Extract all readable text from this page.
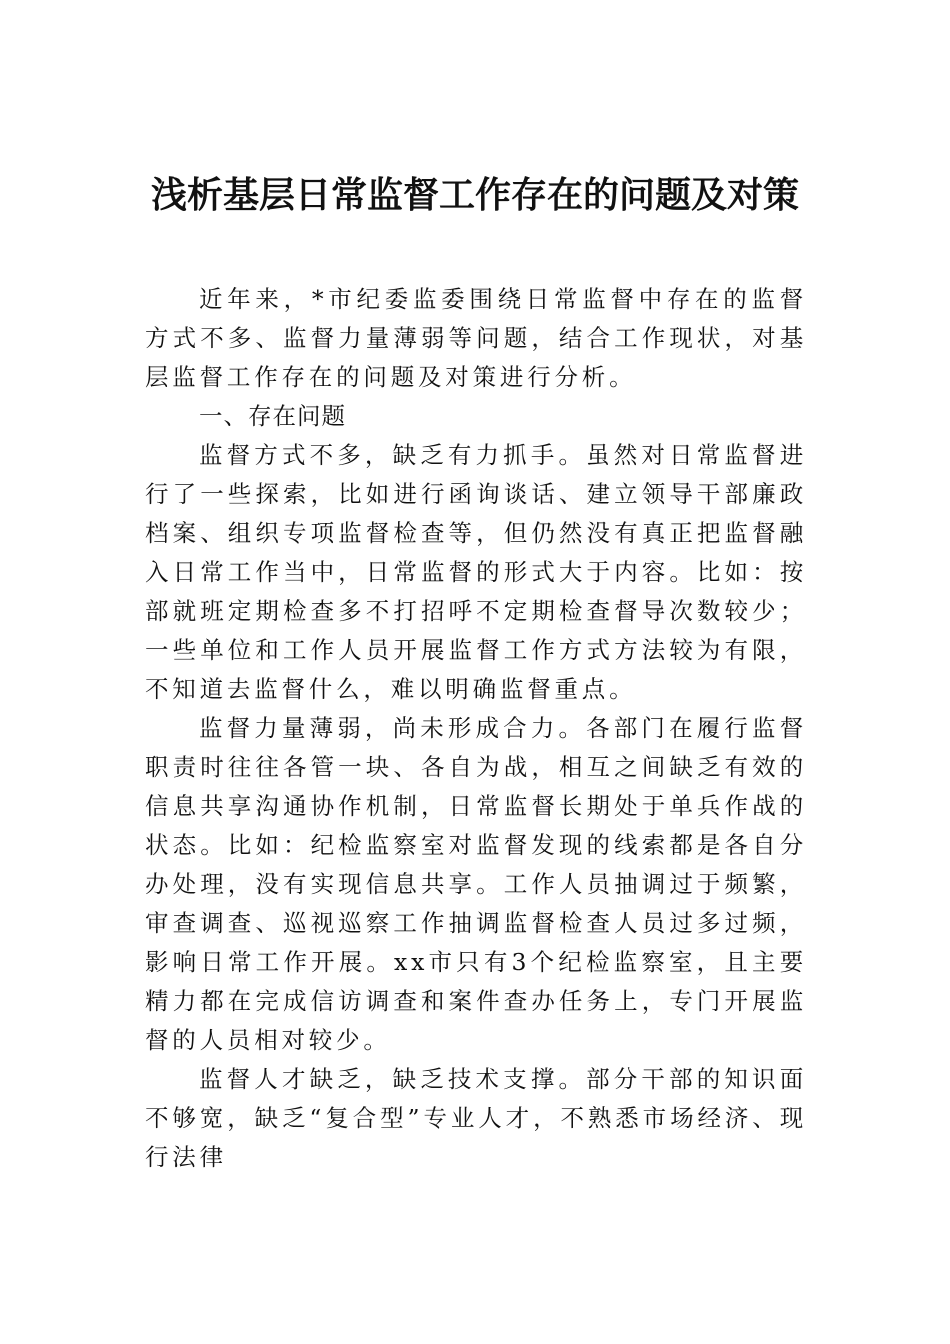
浅析基层日常监督工作存在的问题及对策

近年来，*市纪委监委围绕日常监督中存在的监督方式不多、监督力量薄弱等问题，结合工作现状，对基层监督工作存在的问题及对策进行分析。

一、存在问题

监督方式不多，缺乏有力抓手。虽然对日常监督进行了一些探索，比如进行函询谈话、建立领导干部廉政档案、组织专项监督检查等，但仍然没有真正把监督融入日常工作当中，日常监督的形式大于内容。比如：按部就班定期检查多不打招呼不定期检查督导次数较少；一些单位和工作人员开展监督工作方式方法较为有限，不知道去监督什么，难以明确监督重点。

监督力量薄弱，尚未形成合力。各部门在履行监督职责时往往各管一块、各自为战，相互之间缺乏有效的信息共享沟通协作机制，日常监督长期处于单兵作战的状态。比如：纪检监察室对监督发现的线索都是各自分办处理，没有实现信息共享。工作人员抽调过于频繁，审查调查、巡视巡察工作抽调监督检查人员过多过频，影响日常工作开展。xx市只有3个纪检监察室，且主要精力都在完成信访调查和案件查办任务上，专门开展监督的人员相对较少。

监督人才缺乏，缺乏技术支撑。部分干部的知识面不够宽，缺乏“复合型”专业人才，不熟悉市场经济、现行法律
